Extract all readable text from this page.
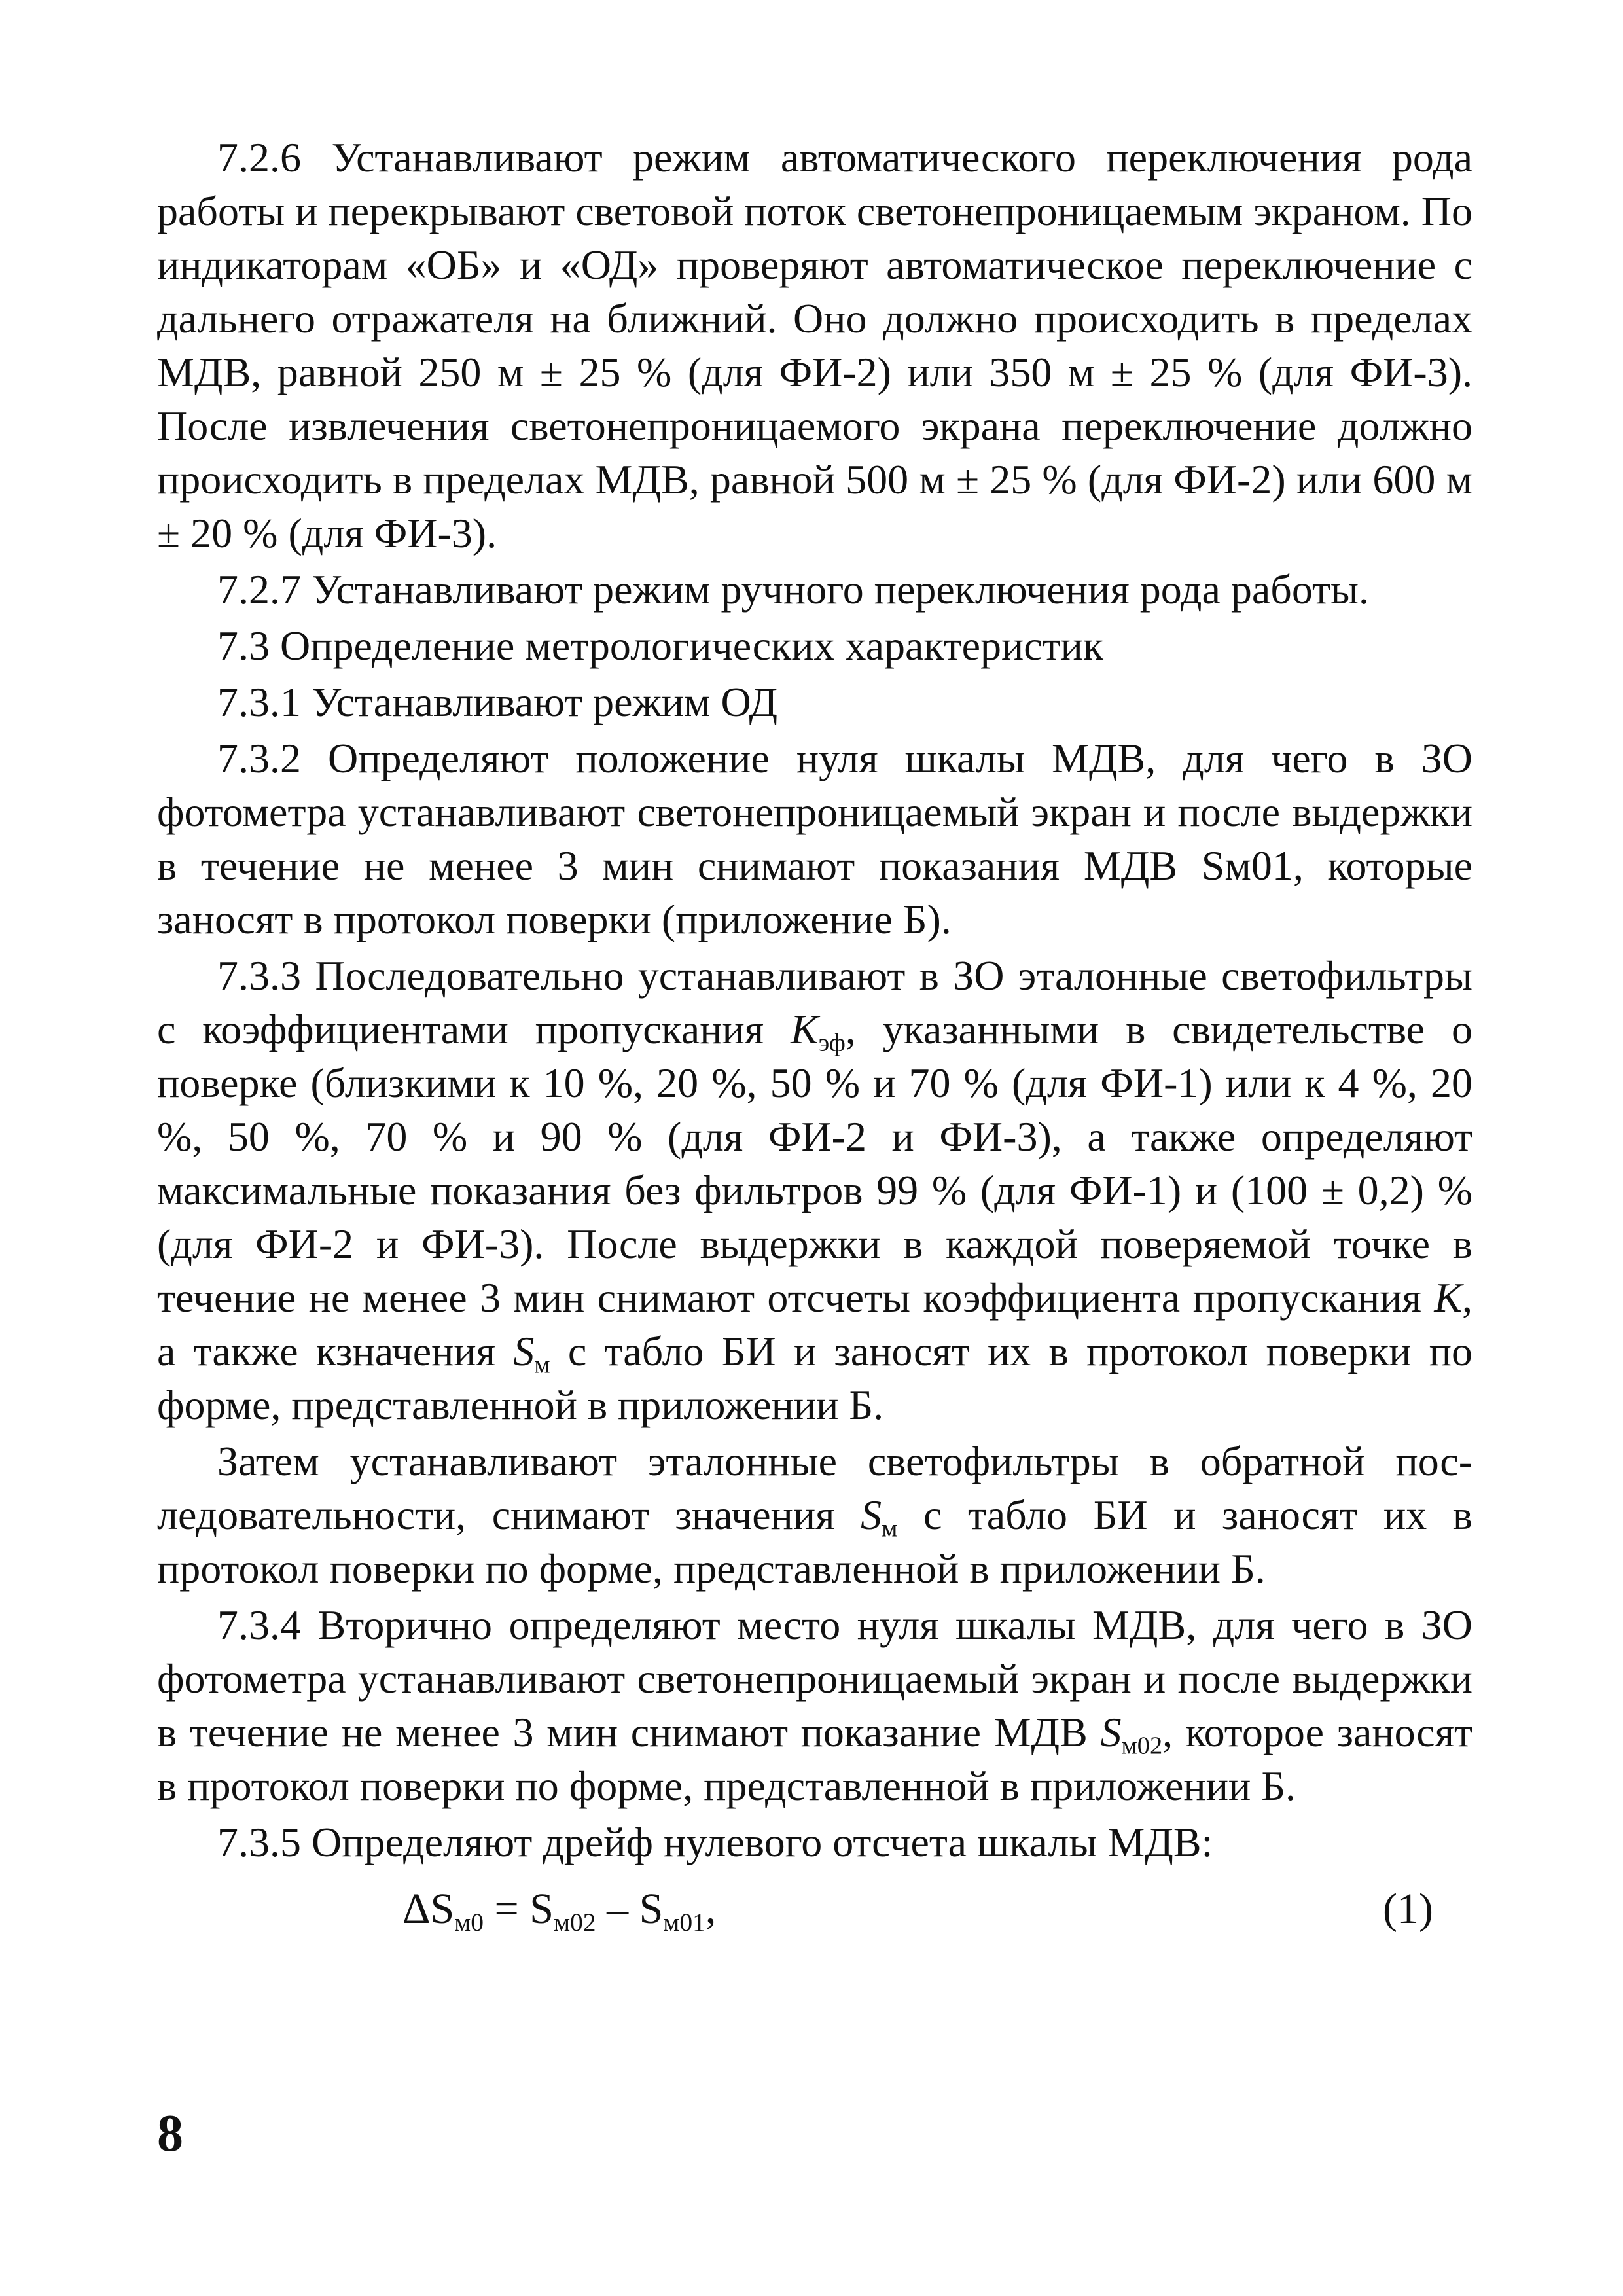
7.2.6 Устанавливают режим автоматического переключения рода работы и перекрывают световой поток светонепроницаемым экраном. По индикаторам «ОБ» и «ОД» проверяют автоматическое переключение с дальнего отражателя на ближний. Оно должно происходить в пределах МДВ, равной 250 м ± 25 % (для ФИ-2) или 350 м ± 25 % (для ФИ-3). После извлечения светонепроницаемого экрана переключение должно происходить в пределах МДВ, равной 500 м ± 25 % (для ФИ-2) или 600 м ± 20 % (для ФИ-3).

7.2.7 Устанавливают режим ручного переключения рода работы.

7.3 Определение метрологических характеристик

7.3.1 Устанавливают режим ОД

7.3.2 Определяют положение нуля шкалы МДВ, для чего в ЗО фотометра устанавливают светонепроницаемый экран и после выдержки в течение не менее 3 мин снимают показания МДВ Sм01, которые заносят в протокол поверки (приложение Б).

7.3.3 Последовательно устанавливают в ЗО эталонные светофильтры с коэффициентами пропускания $K_{эф}$, указанными в свидетельстве о поверке (близкими к 10 %, 20 %, 50 % и 70 % (для ФИ-1) или к 4 %, 20 %, 50 %, 70 % и 90 % (для ФИ-2 и ФИ-3), а также определяют максимальные показания без фильтров 99 % (для ФИ-1) и (100 ± 0,2) % (для ФИ-2 и ФИ-3). После выдержки в каждой поверяемой точке в течение не менее 3 мин снимают отсчеты коэффициента пропускания K, а также кзначения $S_м$ с табло БИ и заносят их в протокол поверки по форме, представленной в приложении Б.

Затем устанавливают эталонные светофильтры в обратной последовательности, снимают значения $S_м$ с табло БИ и заносят их в протокол поверки по форме, представленной в приложении Б.

7.3.4 Вторично определяют место нуля шкалы МДВ, для чего в ЗО фотометра устанавливают светонепроницаемый экран и после выдержки в течение не менее 3 мин снимают показание МДВ $S_{м02}$, которое заносят в протокол поверки по форме, представленной в приложении Б.

7.3.5 Определяют дрейф нулевого отсчета шкалы МДВ:

$\Delta S_{м0} = S_{м02} - S_{м01}$,	(1)
8
